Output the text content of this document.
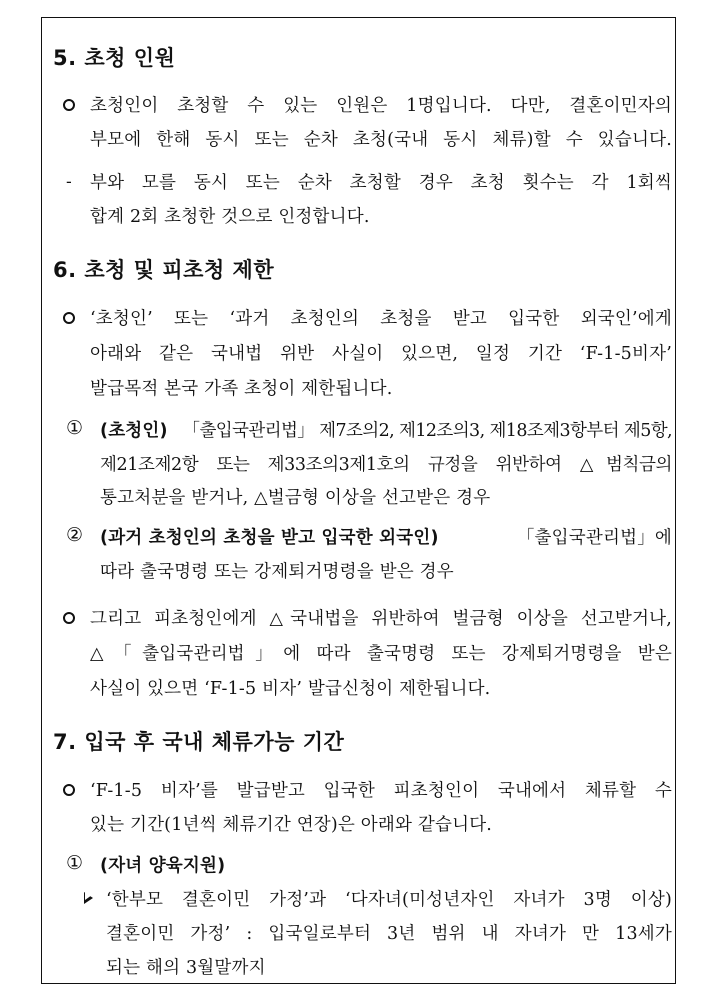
5. 초청 인원
초청인이 초청할 수 있는 인원은 1명입니다. 다만, 결혼이민자의
부모에 한해 동시 또는 순차 초청(국내 동시 체류)할 수 있습니다.
- 부와 모를 동시 또는 순차 초청할 경우 초청 횟수는 각 1회씩
합계 2회 초청한 것으로 인정합니다.
6. 초청 및 피초청 제한
‘초청인’ 또는 ‘과거 초청인의 초청을 받고 입국한 외국인’에게
아래와 같은 국내법 위반 사실이 있으면, 일정 기간 ‘F-1-5비자’
발급목적 본국 가족 초청이 제한됩니다.
① (초청인) 「출입국관리법」 제7조의2, 제12조의3, 제18조제3항부터 제5항,
제21조제2항 또는 제33조의3제1호의 규정을 위반하여 △범칙금의
통고처분을 받거나, △벌금형 이상을 선고받은 경우
② (과거 초청인의 초청을 받고 입국한 외국인)	「출입국관리법」에
따라 출국명령 또는 강제퇴거명령을 받은 경우
그리고 피초청인에게 △국내법을 위반하여 벌금형 이상을 선고받거나,
△「출입국관리법」에 따라 출국명령 또는 강제퇴거명령을 받은
사실이 있으면 ‘F-1-5 비자’ 발급신청이 제한됩니다.
7. 입국 후 국내 체류가능 기간
‘F-1-5 비자’를 발급받고 입국한 피초청인이 국내에서 체류할 수
있는 기간(1년씩 체류기간 연장)은 아래와 같습니다.
① (자녀 양육지원)
‘한부모 결혼이민 가정’과 ‘다자녀(미성년자인 자녀가 3명 이상)
결혼이민 가정’ : 입국일로부터 3년 범위 내 자녀가 만 13세가
되는 해의 3월말까지
